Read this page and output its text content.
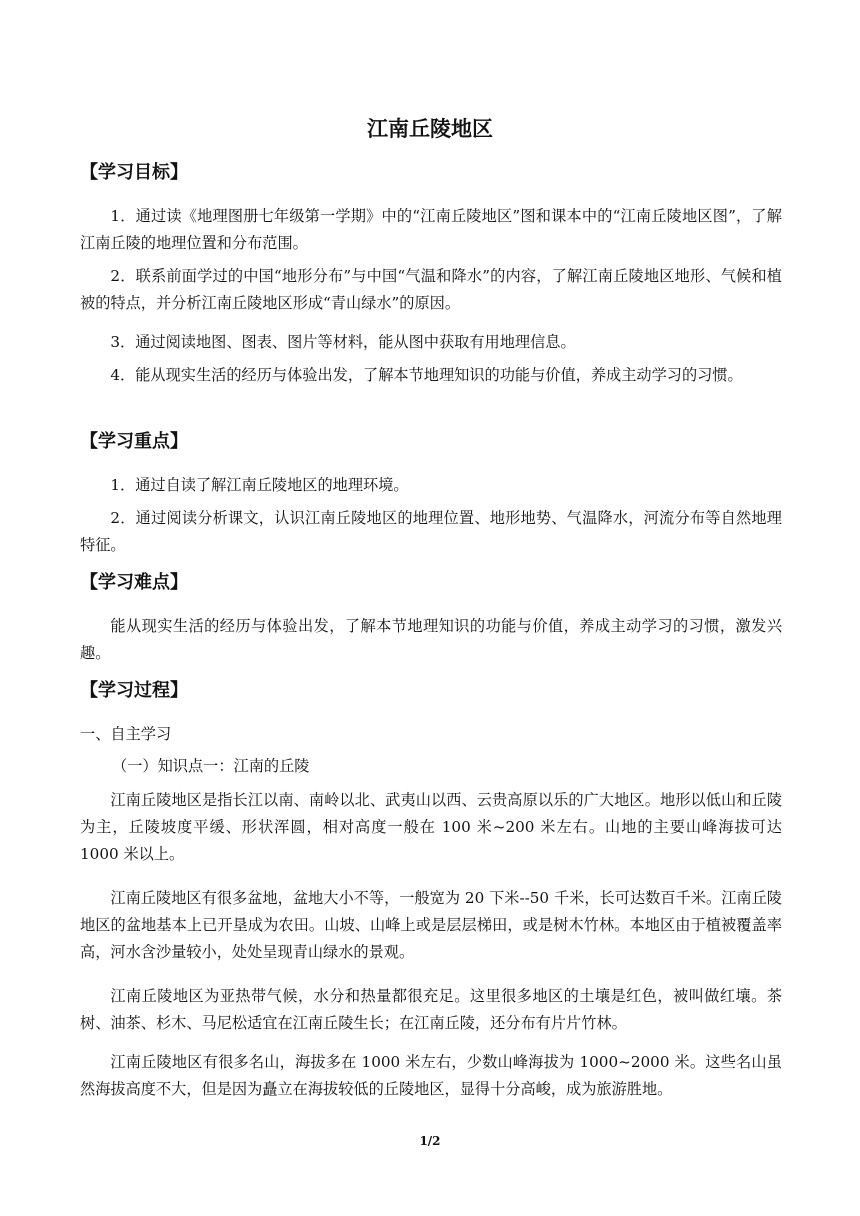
江南丘陵地区
【学习目标】

1．通过读《地理图册七年级第一学期》中的“江南丘陵地区”图和课本中的“江南丘陵地区图”，了解江南丘陵的地理位置和分布范围。

2．联系前面学过的中国“地形分布”与中国“气温和降水”的内容，了解江南丘陵地区地形、气候和植被的特点，并分析江南丘陵地区形成“青山绿水”的原因。

3．通过阅读地图、图表、图片等材料，能从图中获取有用地理信息。

4．能从现实生活的经历与体验出发，了解本节地理知识的功能与价值，养成主动学习的习惯。

【学习重点】

1．通过自读了解江南丘陵地区的地理环境。

2．通过阅读分析课文，认识江南丘陵地区的地理位置、地形地势、气温降水，河流分布等自然地理特征。

【学习难点】

能从现实生活的经历与体验出发，了解本节地理知识的功能与价值，养成主动学习的习惯，激发兴趣。

【学习过程】

一、自主学习

（一）知识点一：江南的丘陵

江南丘陵地区是指长江以南、南岭以北、武夷山以西、云贵高原以乐的广大地区。地形以低山和丘陵为主，丘陵坡度平缓、形状浑圆，相对高度一般在 100 米~200 米左右。山地的主要山峰海拔可达 1000 米以上。

江南丘陵地区有很多盆地，盆地大小不等，一般宽为 20 下米--50 千米，长可达数百千米。江南丘陵地区的盆地基本上已开垦成为农田。山坡、山峰上或是层层梯田，或是树木竹林。本地区由于植被覆盖率高，河水含沙量较小，处处呈现青山绿水的景观。

江南丘陵地区为亚热带气候，水分和热量都很充足。这里很多地区的土壤是红色，被叫做红壤。茶树、油茶、杉木、马尼松适宜在江南丘陵生长；在江南丘陵，还分布有片片竹林。

江南丘陵地区有很多名山，海拔多在 1000 米左右，少数山峰海拔为 1000~2000 米。这些名山虽然海拔高度不大，但是因为矗立在海拔较低的丘陵地区，显得十分高峻，成为旅游胜地。

1/2
